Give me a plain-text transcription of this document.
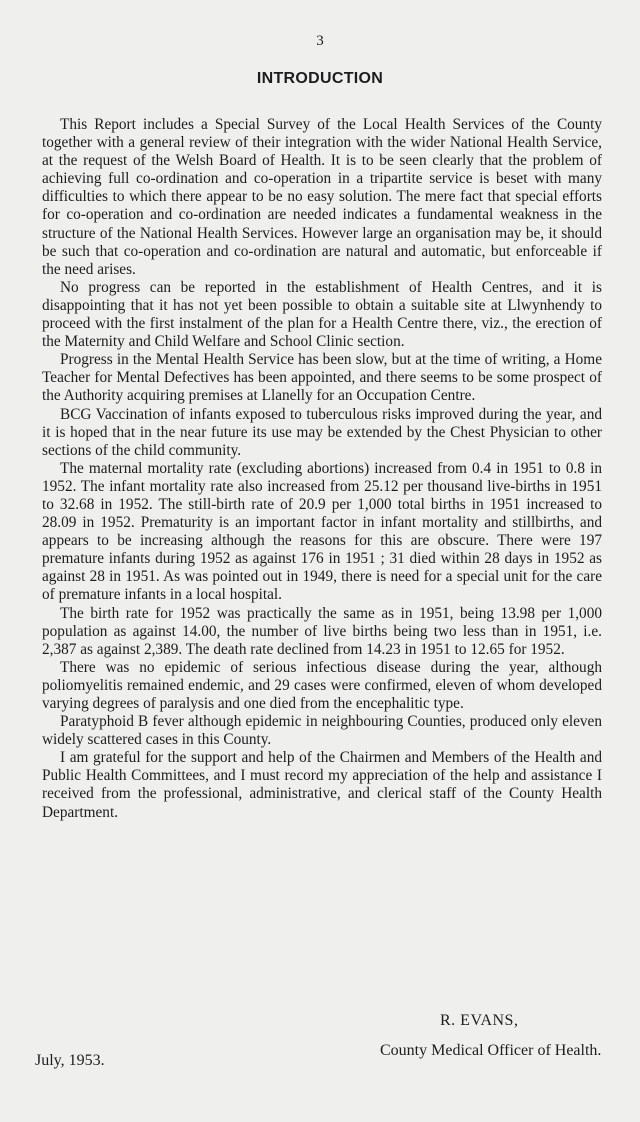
3
INTRODUCTION

This Report includes a Special Survey of the Local Health Services of the County together with a general review of their integration with the wider National Health Service, at the request of the Welsh Board of Health. It is to be seen clearly that the problem of achieving full co-ordination and co-operation in a tripartite service is beset with many difficulties to which there appear to be no easy solution. The mere fact that special efforts for co-operation and co-ordination are needed indicates a fundamental weakness in the structure of the National Health Services. However large an organisation may be, it should be such that co-operation and co-ordination are natural and automatic, but enforceable if the need arises.

No progress can be reported in the establishment of Health Centres, and it is disappointing that it has not yet been possible to obtain a suitable site at Llwynhendy to proceed with the first instalment of the plan for a Health Centre there, viz., the erection of the Maternity and Child Welfare and School Clinic section.

Progress in the Mental Health Service has been slow, but at the time of writing, a Home Teacher for Mental Defectives has been appointed, and there seems to be some prospect of the Authority acquiring premises at Llanelly for an Occupation Centre.

BCG Vaccination of infants exposed to tuberculous risks improved during the year, and it is hoped that in the near future its use may be extended by the Chest Physician to other sections of the child community.

The maternal mortality rate (excluding abortions) increased from 0.4 in 1951 to 0.8 in 1952. The infant mortality rate also increased from 25.12 per thousand live-births in 1951 to 32.68 in 1952. The still-birth rate of 20.9 per 1,000 total births in 1951 increased to 28.09 in 1952. Prematurity is an important factor in infant mortality and stillbirths, and appears to be increasing although the reasons for this are obscure. There were 197 premature infants during 1952 as against 176 in 1951 ; 31 died within 28 days in 1952 as against 28 in 1951. As was pointed out in 1949, there is need for a special unit for the care of premature infants in a local hospital.

The birth rate for 1952 was practically the same as in 1951, being 13.98 per 1,000 population as against 14.00, the number of live births being two less than in 1951, i.e. 2,387 as against 2,389. The death rate declined from 14.23 in 1951 to 12.65 for 1952.

There was no epidemic of serious infectious disease during the year, although poliomyelitis remained endemic, and 29 cases were confirmed, eleven of whom developed varying degrees of paralysis and one died from the encephalitic type.

Paratyphoid B fever although epidemic in neighbouring Counties, produced only eleven widely scattered cases in this County.

I am grateful for the support and help of the Chairmen and Members of the Health and Public Health Committees, and I must record my appreciation of the help and assistance I received from the professional, administrative, and clerical staff of the County Health Department.

R. EVANS,
County Medical Officer of Health.
July, 1953.
